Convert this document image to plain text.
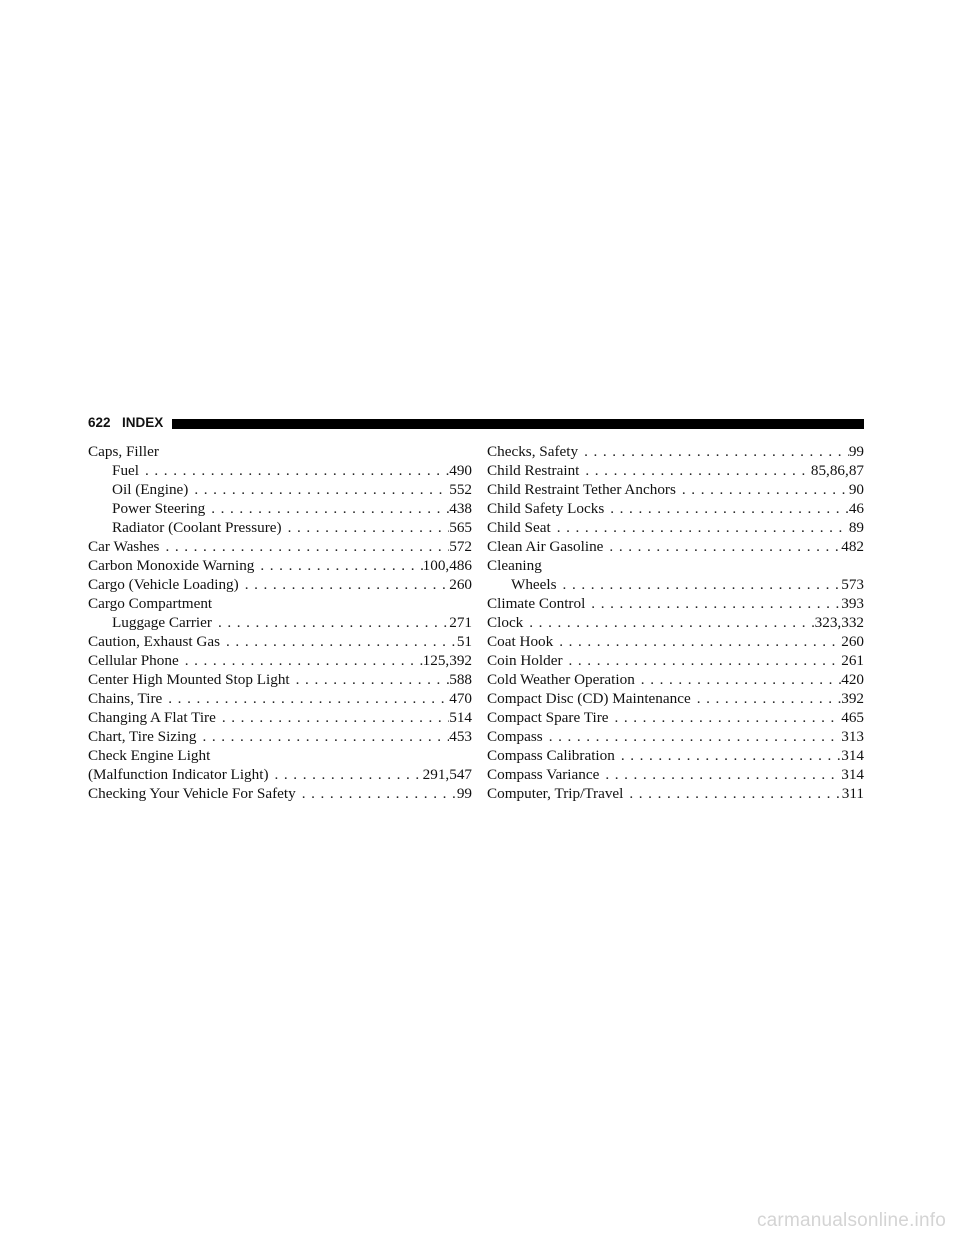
622 INDEX
Caps, Filler
Fuel . . .	490
Oil (Engine) . . .	552
Power Steering . . .	438
Radiator (Coolant Pressure) . . .	565
Car Washes . . .	572
Carbon Monoxide Warning . . .	100,486
Cargo (Vehicle Loading) . . .	260
Cargo Compartment
Luggage Carrier . . .	271
Caution, Exhaust Gas . . .	51
Cellular Phone . . .	125,392
Center High Mounted Stop Light . . .	588
Chains, Tire . . .	470
Changing A Flat Tire . . .	514
Chart, Tire Sizing . . .	453
Check Engine Light
(Malfunction Indicator Light) . . .	291,547
Checking Your Vehicle For Safety . . .	99
Checks, Safety . . .	99
Child Restraint . . .	85,86,87
Child Restraint Tether Anchors . . .	90
Child Safety Locks . . .	46
Child Seat . . .	89
Clean Air Gasoline . . .	482
Cleaning
Wheels . . .	573
Climate Control . . .	393
Clock . . .	323,332
Coat Hook . . .	260
Coin Holder . . .	261
Cold Weather Operation . . .	420
Compact Disc (CD) Maintenance . . .	392
Compact Spare Tire . . .	465
Compass . . .	313
Compass Calibration . . .	314
Compass Variance . . .	314
Computer, Trip/Travel . . .	311
carmanualsonline.info
